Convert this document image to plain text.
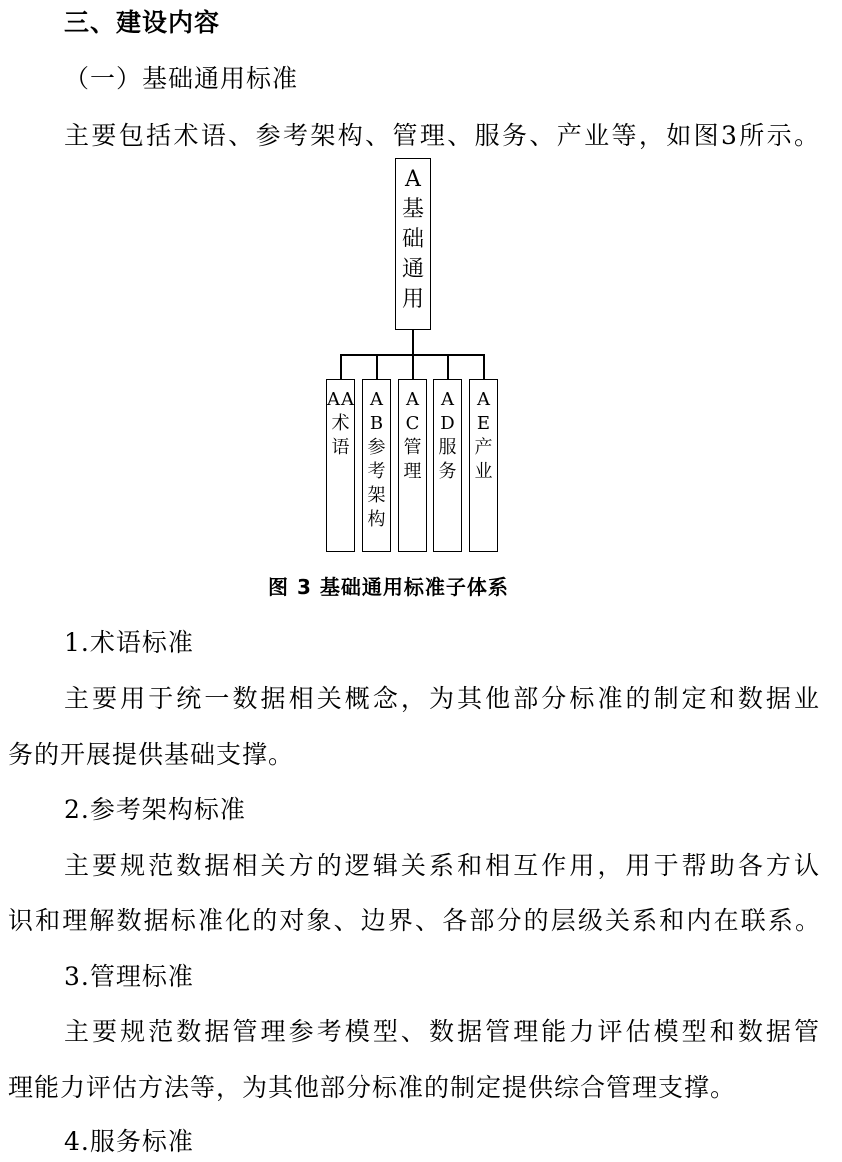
三、建设内容
（一）基础通用标准
主要包括术语、参考架构、管理、服务、产业等，如图3所示。
A
基
础
通
用
A A
术
语
A
B
参
考
架
构
A
C
管
理
A
D
服
务
A
E
产
业
图 3 基础通用标准子体系
1.术语标准
主要用于统一数据相关概念，为其他部分标准的制定和数据业
务的开展提供基础支撑。
2.参考架构标准
主要规范数据相关方的逻辑关系和相互作用，用于帮助各方认
识和理解数据标准化的对象、边界、各部分的层级关系和内在联系。
3.管理标准
主要规范数据管理参考模型、数据管理能力评估模型和数据管
理能力评估方法等，为其他部分标准的制定提供综合管理支撑。
4.服务标准
